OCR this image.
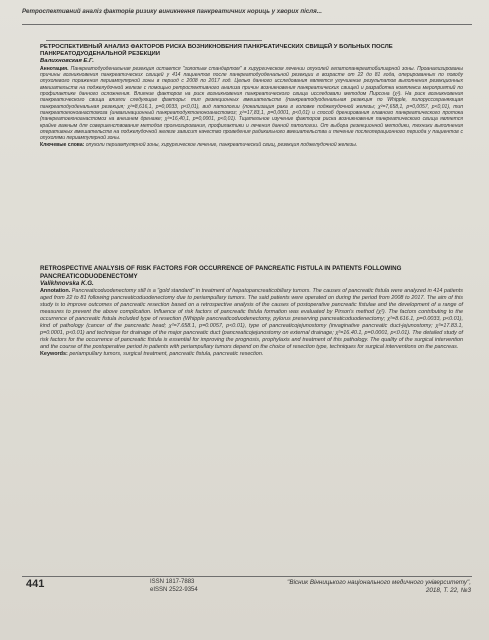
Ретроспективний аналіз факторів ризику виникнення панкреатичних нориць у хворих після...
РЕТРОСПЕКТИВНЫЙ АНАЛИЗ ФАКТОРОВ РИСКА ВОЗНИКНОВЕНИЯ ПАНКРЕАТИЧЕСКИХ СВИЩЕЙ У БОЛЬНЫХ ПОСЛЕ ПАНКРЕАТОДУОДЕНАЛЬНОЙ РЕЗЕКЦИИ
Валихновская Е.Г.
Аннотация. Панкреатодуоденальная резекция остается "золотым стандартом" в хирургическом лечении опухолей гепатопанкреатобилиарной зоны. Проанализированы причины возникновения панкреатических свищей у 414 пациентов после панкреатодуоденальной резекции в возрасте от 22 до 81 года, оперированных по поводу опухолевого поражения периампулярной зоны в период с 2008 по 2017 год. Целью данного исследования является улучшение результатов выполнения резекционных вмешательств на поджелудочной железе с помощью ретроспективного анализа причин возникновения панкреатических свищей и разработка комплекса мероприятий по профилактике данного осложнения. Влияние факторов на риск возникновения панкреатического свища исследовали методом Пирсона (χ²). На риск возникновения панкреатического свища влияли следующие факторы: тип резекционных вмешательств (панкреатодуоденальная резекция по Whipple, пилоруссохраняющая панкреатодуоденальная резекция; χ²=8,616,1, p=0,0033, p<0,01), вид патологии (локализация рака в головке поджелудочной железы; χ²=7,658,1, p=0,0057, p<0,01), тип панкреатоеюноанастомоза (инвагинационный панкреатодуктоеюноанастомоз; χ²=17,83,1, p=0,0001, p<0,01) и способ дренирования главного панкреатического протока (панкреатоеюноанастомоз на внешнем дренаже; χ²=16,40,1, p=0,0001, p<0,01). Тщательное изучение факторов риска возникновения панкреатического свища является крайне важным для совершенствования методов прогнозирования, профилактики и лечения данной патологии. От выбора резекционной методики, техники выполнения оперативных вмешательств на поджелудочной железе зависит качество проведения радикального вмешательства и течение послеоперационного периода у пациентов с опухолями периампулярной зоны.
Ключевые слова: опухоли периампулярной зоны, хирургическое лечение, панкреатический свищ, резекция поджелудочной железы.
RETROSPECTIVE ANALYSIS OF RISK FACTORS FOR OCCURRENCE OF PANCREATIC FISTULA IN PATIENTS FOLLOWING PANCREATICODUODENECTOMY
Valikhnovska K.G.
Annotation. Pancreaticoduodenectomy still is a "gold standard" in treatment of hepatopancreaticobiliary tumors. The causes of pancreatic fistula were analyzed in 414 patients aged from 22 to 81 following pancreaticoduodenectomy due to periampullary tumors. The said patients were operated on during the period from 2008 to 2017. The aim of this study is to improve outcomes of pancreatic resection based on a retrospective analysis of the causes of postoperative pancreatic fistulae and the development of a range of measures to prevent the above complication. Influence of risk factors of pancreatic fistula formation was evaluated by Pirson's method (χ²). The factors contributing to the occurrence of pancreatic fistula included type of resection (Whipple pancreaticoduodenectomy, pylorus preserving pancreaticoduodenectomy; χ²=8.616.1, p=0.0033, p<0.01), kind of pathology (cancer of the pancreatic head; χ²=7.658.1, p=0.0057, p<0.01), type of pancreaticojejunostomy (invaginative pancreatic duct-jejunostomy; χ²=17.83.1, p=0.0001, p<0.01) and technique for drainage of the major pancreatic duct (pancreaticojejunostomy on external drainage; χ²=16.40.1, p=0.0001, p<0.01). The detailed study of risk factors for the occurrence of pancreatic fistula is essential for improving the prognosis, prophylaxis and treatment of this pathology. The quality of the surgical intervention and the course of the postoperative period in patients with periampullary tumors depend on the choice of resection type, techniques for surgical interventions on the pancreas.
Keywords: periampullary tumors, surgical treatment, pancreatic fistula, pancreatic resection.
441	ISSN 1817-7883
eISSN 2522-9354
"Вісник Вінницького національного медичного університету",
2018, Т. 22, №3
